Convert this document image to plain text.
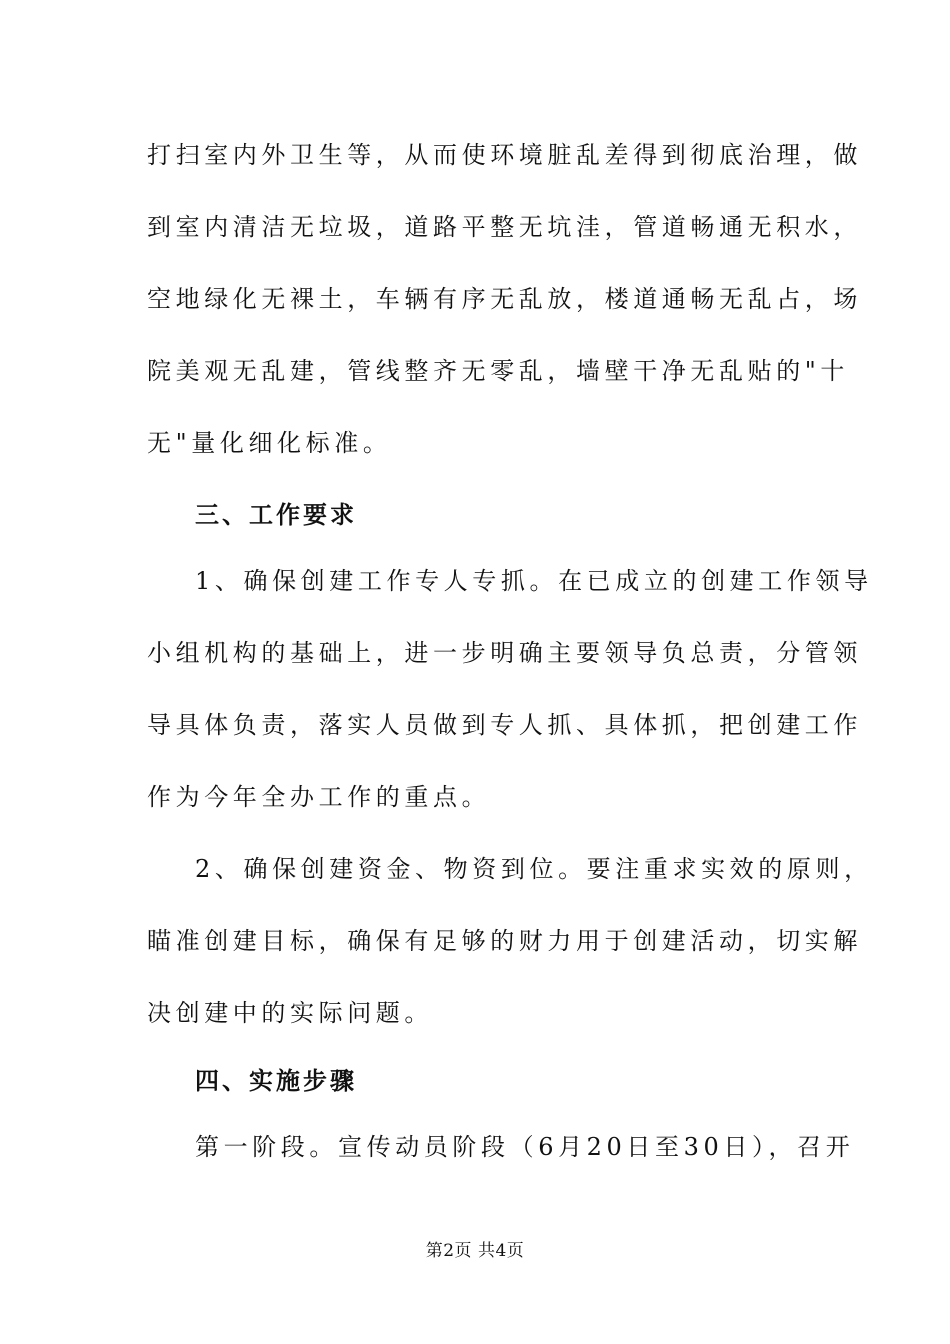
打扫室内外卫生等，从而使环境脏乱差得到彻底治理，做
到室内清洁无垃圾，道路平整无坑洼，管道畅通无积水，
空地绿化无裸土，车辆有序无乱放，楼道通畅无乱占，场
院美观无乱建，管线整齐无零乱，墙壁干净无乱贴的"十
无"量化细化标准。
三、工作要求
1、确保创建工作专人专抓。在已成立的创建工作领导
小组机构的基础上，进一步明确主要领导负总责，分管领
导具体负责，落实人员做到专人抓、具体抓，把创建工作
作为今年全办工作的重点。
2、确保创建资金、物资到位。要注重求实效的原则，
瞄准创建目标，确保有足够的财力用于创建活动，切实解
决创建中的实际问题。
四、实施步骤
第一阶段。宣传动员阶段（6月20日至30日），召开
第2页 共4页
